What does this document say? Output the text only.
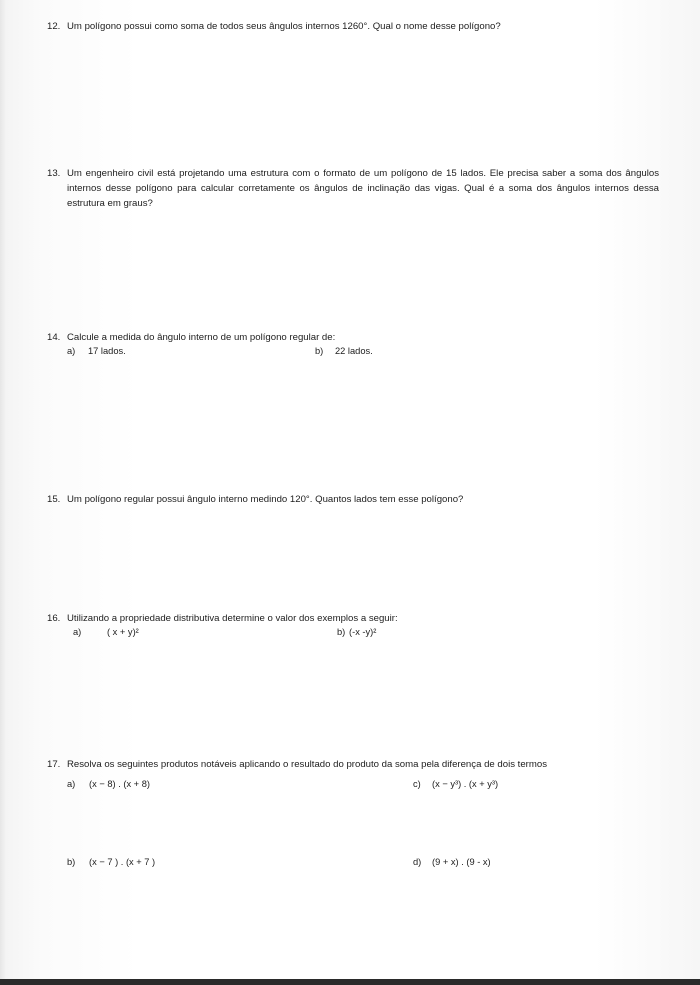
12. Um polígono possui como soma de todos seus ângulos internos 1260°. Qual o nome desse polígono?
13. Um engenheiro civil está projetando uma estrutura com o formato de um polígono de 15 lados. Ele precisa saber a soma dos ângulos internos desse polígono para calcular corretamente os ângulos de inclinação das vigas. Qual é a soma dos ângulos internos dessa estrutura em graus?
14. Calcule a medida do ângulo interno de um polígono regular de:
a) 17 lados.	b) 22 lados.
15. Um polígono regular possui ângulo interno medindo 120°. Quantos lados tem esse polígono?
16. Utilizando a propriedade distributiva determine o valor dos exemplos a seguir:
a)	( x + y)²	b) (-x -y)²
17. Resolva os seguintes produtos notáveis aplicando o resultado do produto da soma pela diferença de dois termos
a) (x − 8) . (x + 8)	c) (x − y³) . (x + y³)
b) (x − 7 ) . (x + 7 )	d) (9 + x) . (9 - x)
